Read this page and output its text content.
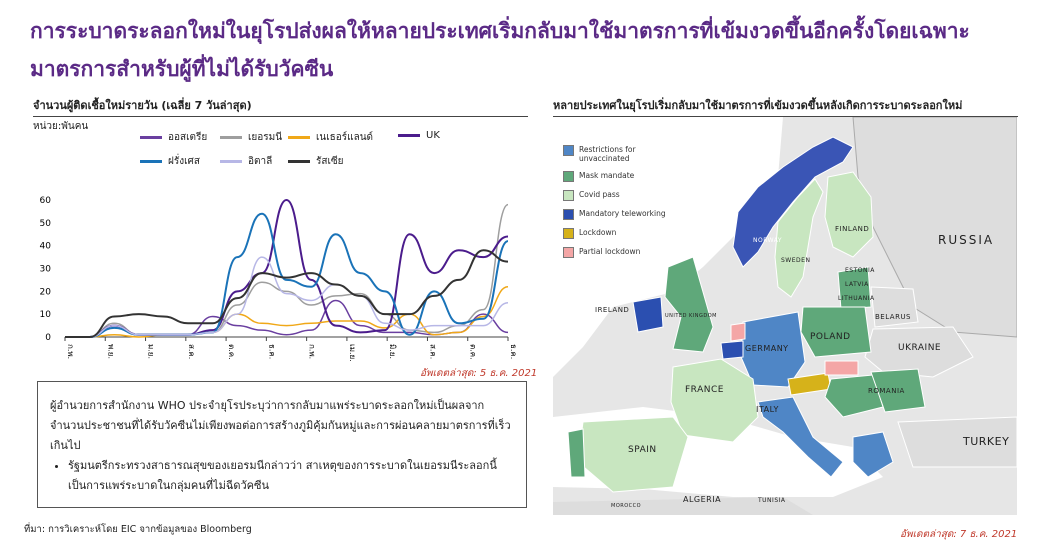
การระบาดระลอกใหม่ในยุโรปส่งผลให้หลายประเทศเริ่มกลับมาใช้มาตรการที่เข้มงวดขึ้นอีกครั้งโดยเฉพาะมาตรการสำหรับผู้ที่ไม่ได้รับวัคซีน
จำนวนผู้ติดเชื้อใหม่รายวัน (เฉลี่ย 7 วันล่าสุด)
หน่วย:พันคน
ออสเตรีย	เยอรมนี	เนเธอร์แลนด์	UK
ฝรั่งเศส	อิตาลี	รัสเซีย
0
10
20
30
40
50
60
ก.พ.	พ.ย.	ม.ย.	ส.ค.	ต.ค.	ธ.ค.	ก.พ.	เม.ย.	มิ.ย.	ส.ค.	ต.ค.	ธ.ค.
อัพเดตล่าสุด: 5 ธ.ค. 2021

ผู้อำนวยการสำนักงาน WHO ประจำยุโรประบุว่าการกลับมาแพร่ระบาดระลอกใหม่เป็นผลจากจำนวนประชาชนที่ได้รับวัคซีนไม่เพียงพอต่อการสร้างภูมิคุ้มกันหมู่และการผ่อนคลายมาตรการที่เร็วเกินไป

• รัฐมนตรีกระทรวงสาธารณสุขของเยอรมนีกล่าวว่า สาเหตุของการระบาดในเยอรมนีระลอกนี้เป็นการแพร่ระบาดในกลุ่มคนที่ไม่ฉีดวัคซีน
ที่มา: การวิเคราะห์โดย EIC จากข้อมูลของ Bloomberg
หลายประเทศในยุโรปเริ่มกลับมาใช้มาตรการที่เข้มงวดขึ้นหลังเกิดการระบาดระลอกใหม่
Restrictions for unvaccinated
Mask mandate
Covid pass
Mandatory teleworking
Lockdown
Partial lockdown
RUSSIA
FINLAND
SWEDEN
NORWAY
ESTONIA
LATVIA
LITHUANIA
BELARUS
POLAND
UKRAINE
IRELAND
UNITED KINGDOM
GERMANY
FRANCE
ITALY
SPAIN
ROMANIA
TURKEY
ALGERIA	TUNISIA
MOROCCO
อัพเดตล่าสุด: 7 ธ.ค. 2021
